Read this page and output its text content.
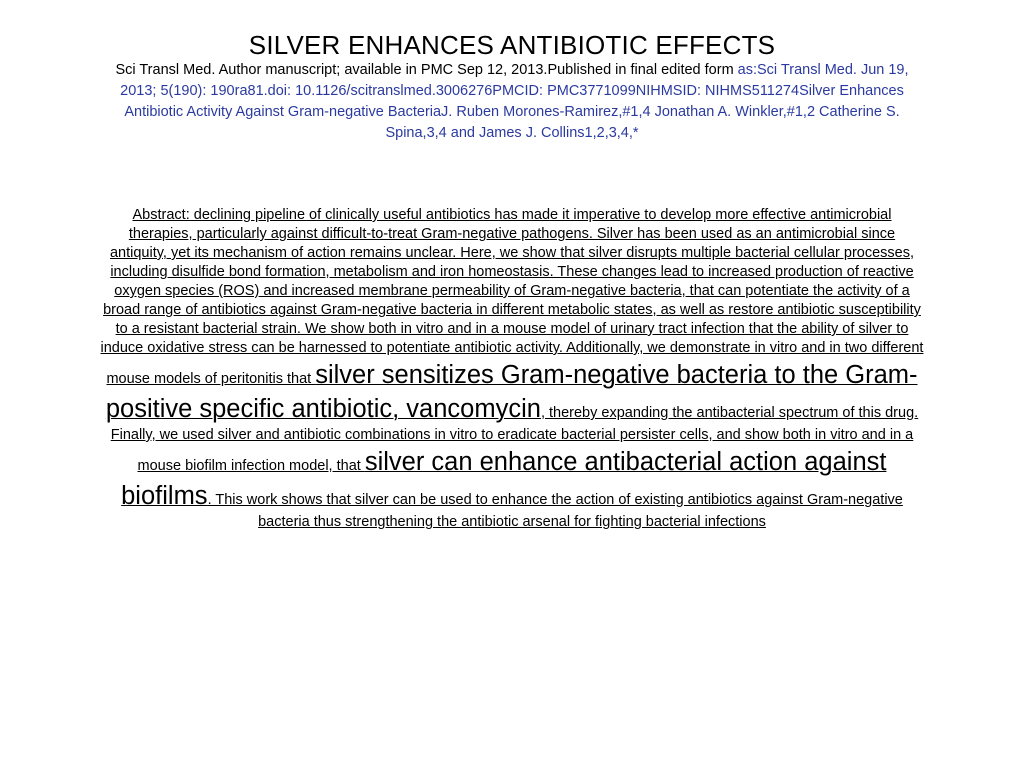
SILVER ENHANCES ANTIBIOTIC EFFECTS

Sci Transl Med. Author manuscript; available in PMC Sep 12, 2013.Published in final edited form as:Sci Transl Med. Jun 19, 2013; 5(190): 190ra81.doi: 10.1126/scitranslmed.3006276PMCID: PMC3771099NIHMSID: NIHMS511274Silver Enhances Antibiotic Activity Against Gram-negative BacteriaJ. Ruben Morones-Ramirez,#1,4 Jonathan A. Winkler,#1,2 Catherine S. Spina,3,4 and James J. Collins1,2,3,4,*

Abstract: declining pipeline of clinically useful antibiotics has made it imperative to develop more effective antimicrobial therapies, particularly against difficult-to-treat Gram-negative pathogens. Silver has been used as an antimicrobial since antiquity, yet its mechanism of action remains unclear. Here, we show that silver disrupts multiple bacterial cellular processes, including disulfide bond formation, metabolism and iron homeostasis. These changes lead to increased production of reactive oxygen species (ROS) and increased membrane permeability of Gram-negative bacteria, that can potentiate the activity of a broad range of antibiotics against Gram-negative bacteria in different metabolic states, as well as restore antibiotic susceptibility to a resistant bacterial strain. We show both in vitro and in a mouse model of urinary tract infection that the ability of silver to induce oxidative stress can be harnessed to potentiate antibiotic activity. Additionally, we demonstrate in vitro and in two different mouse models of peritonitis that silver sensitizes Gram-negative bacteria to the Gram-positive specific antibiotic, vancomycin, thereby expanding the antibacterial spectrum of this drug. Finally, we used silver and antibiotic combinations in vitro to eradicate bacterial persister cells, and show both in vitro and in a mouse biofilm infection model, that silver can enhance antibacterial action against biofilms. This work shows that silver can be used to enhance the action of existing antibiotics against Gram-negative bacteria thus strengthening the antibiotic arsenal for fighting bacterial infections
